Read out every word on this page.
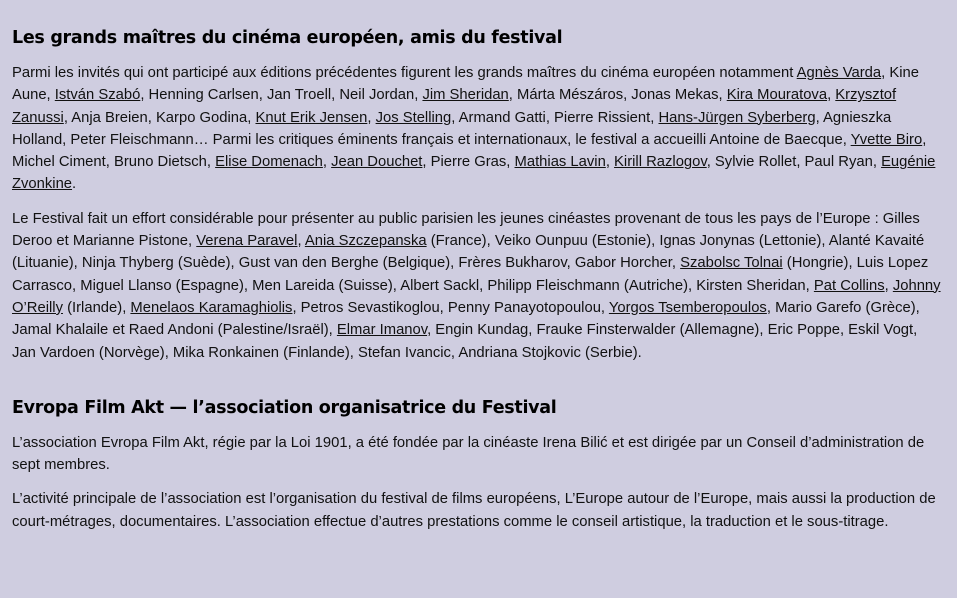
Les grands maîtres du cinéma européen, amis du festival

Parmi les invités qui ont participé aux éditions précédentes figurent les grands maîtres du cinéma européen notamment Agnès Varda, Kine Aune, István Szabó, Henning Carlsen, Jan Troell, Neil Jordan, Jim Sheridan, Márta Mészáros, Jonas Mekas, Kira Mouratova, Krzysztof Zanussi, Anja Breien, Karpo Godina, Knut Erik Jensen, Jos Stelling, Armand Gatti, Pierre Rissient, Hans-Jürgen Syberberg, Agnieszka Holland, Peter Fleischmann… Parmi les critiques éminents français et internationaux, le festival a accueilli Antoine de Baecque, Yvette Biro, Michel Ciment, Bruno Dietsch, Elise Domenach, Jean Douchet, Pierre Gras, Mathias Lavin, Kirill Razlogov, Sylvie Rollet, Paul Ryan, Eugénie Zvonkine.

Le Festival fait un effort considérable pour présenter au public parisien les jeunes cinéastes provenant de tous les pays de l’Europe : Gilles Deroo et Marianne Pistone, Verena Paravel, Ania Szczepanska (France), Veiko Ounpuu (Estonie), Ignas Jonynas (Lettonie), Alanté Kavaité (Lituanie), Ninja Thyberg (Suède), Gust van den Berghe (Belgique), Frères Bukharov, Gabor Horcher, Szabolsc Tolnai (Hongrie), Luis Lopez Carrasco, Miguel Llanso (Espagne), Men Lareida (Suisse), Albert Sackl, Philipp Fleischmann (Autriche), Kirsten Sheridan, Pat Collins, Johnny O’Reilly (Irlande), Menelaos Karamaghiolis, Petros Sevastikoglou, Penny Panayotopoulou, Yorgos Tsemberopoulos, Mario Garefo (Grèce), Jamal Khalaile et Raed Andoni (Palestine/Israël), Elmar Imanov, Engin Kundag, Frauke Finsterwalder (Allemagne), Eric Poppe, Eskil Vogt, Jan Vardoen (Norvège), Mika Ronkainen (Finlande), Stefan Ivancic, Andriana Stojkovic (Serbie).

Evropa Film Akt — l’association organisatrice du Festival

L’association Evropa Film Akt, régie par la Loi 1901, a été fondée par la cinéaste Irena Bilić et est dirigée par un Conseil d’administration de sept membres.

L’activité principale de l’association est l’organisation du festival de films européens, L’Europe autour de l’Europe, mais aussi la production de court-métrages, documentaires. L’association effectue d’autres prestations comme le conseil artistique, la traduction et le sous-titrage.
